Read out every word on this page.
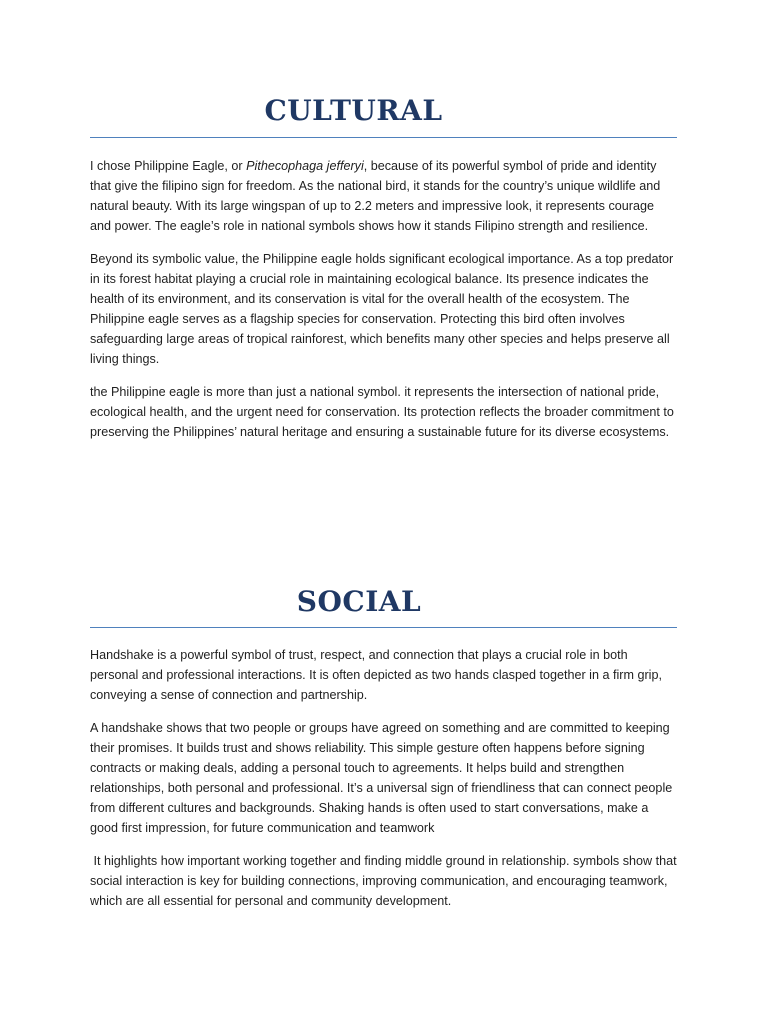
CULTURAL

I chose Philippine Eagle, or Pithecophaga jefferyi, because of its powerful symbol of pride and identity that give the filipino sign for freedom. As the national bird, it stands for the country’s unique wildlife and natural beauty. With its large wingspan of up to 2.2 meters and impressive look, it represents courage and power. The eagle’s role in national symbols shows how it stands Filipino strength and resilience.

Beyond its symbolic value, the Philippine eagle holds significant ecological importance. As a top predator in its forest habitat playing a crucial role in maintaining ecological balance. Its presence indicates the health of its environment, and its conservation is vital for the overall health of the ecosystem. The Philippine eagle serves as a flagship species for conservation. Protecting this bird often involves safeguarding large areas of tropical rainforest, which benefits many other species and helps preserve all living things.

the Philippine eagle is more than just a national symbol. it represents the intersection of national pride, ecological health, and the urgent need for conservation. Its protection reflects the broader commitment to preserving the Philippines’ natural heritage and ensuring a sustainable future for its diverse ecosystems.

SOCIAL

Handshake is a powerful symbol of trust, respect, and connection that plays a crucial role in both personal and professional interactions. It is often depicted as two hands clasped together in a firm grip, conveying a sense of connection and partnership.

A handshake shows that two people or groups have agreed on something and are committed to keeping their promises. It builds trust and shows reliability. This simple gesture often happens before signing contracts or making deals, adding a personal touch to agreements. It helps build and strengthen relationships, both personal and professional. It’s a universal sign of friendliness that can connect people from different cultures and backgrounds. Shaking hands is often used to start conversations, make a good first impression, for future communication and teamwork

It highlights how important working together and finding middle ground in relationship. symbols show that social interaction is key for building connections, improving communication, and encouraging teamwork, which are all essential for personal and community development.
